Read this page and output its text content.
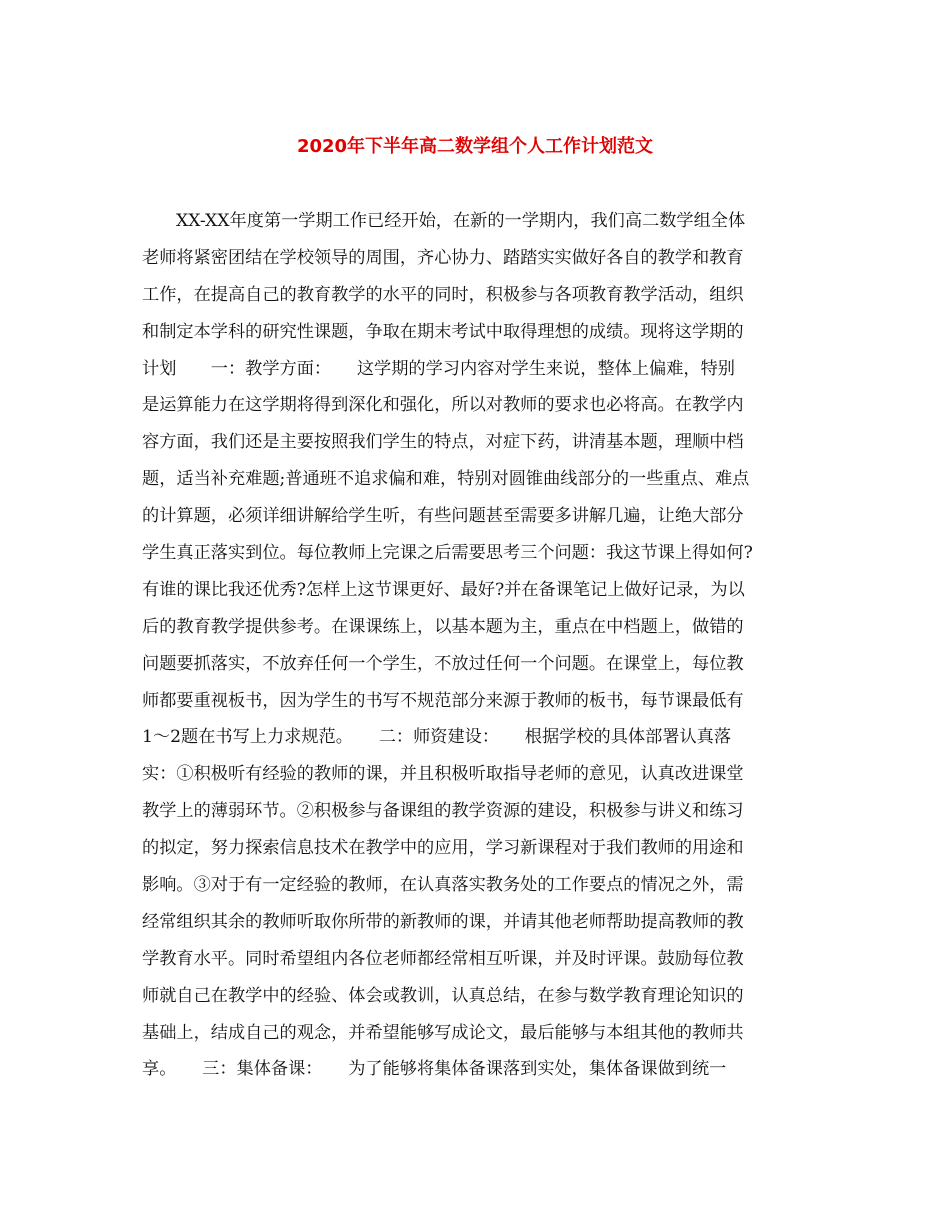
2020年下半年高二数学组个人工作计划范文
XX-XX年度第一学期工作已经开始，在新的一学期内，我们高二数学组全体
老师将紧密团结在学校领导的周围，齐心协力、踏踏实实做好各自的教学和教育
工作，在提高自己的教育教学的水平的同时，积极参与各项教育教学活动，组织
和制定本学科的研究性课题，争取在期末考试中取得理想的成绩。现将这学期的
计划　　一：教学方面：　　这学期的学习内容对学生来说，整体上偏难，特别
是运算能力在这学期将得到深化和强化，所以对教师的要求也必将高。在教学内
容方面，我们还是主要按照我们学生的特点，对症下药，讲清基本题，理顺中档
题，适当补充难题;普通班不追求偏和难，特别对圆锥曲线部分的一些重点、难点
的计算题，必须详细讲解给学生听，有些问题甚至需要多讲解几遍，让绝大部分
学生真正落实到位。每位教师上完课之后需要思考三个问题：我这节课上得如何?
有谁的课比我还优秀?怎样上这节课更好、最好?并在备课笔记上做好记录，为以
后的教育教学提供参考。在课课练上，以基本题为主，重点在中档题上，做错的
问题要抓落实，不放弃任何一个学生，不放过任何一个问题。在课堂上，每位教
师都要重视板书，因为学生的书写不规范部分来源于教师的板书，每节课最低有
1～2题在书写上力求规范。　　二：师资建设：　　根据学校的具体部署认真落
实：①积极听有经验的教师的课，并且积极听取指导老师的意见，认真改进课堂
教学上的薄弱环节。②积极参与备课组的教学资源的建设，积极参与讲义和练习
的拟定，努力探索信息技术在教学中的应用，学习新课程对于我们教师的用途和
影响。③对于有一定经验的教师，在认真落实教务处的工作要点的情况之外，需
经常组织其余的教师听取你所带的新教师的课，并请其他老师帮助提高教师的教
学教育水平。同时希望组内各位老师都经常相互听课，并及时评课。鼓励每位教
师就自己在教学中的经验、体会或教训，认真总结，在参与数学教育理论知识的
基础上，结成自己的观念，并希望能够写成论文，最后能够与本组其他的教师共
享。　　三：集体备课：　　为了能够将集体备课落到实处，集体备课做到统一
